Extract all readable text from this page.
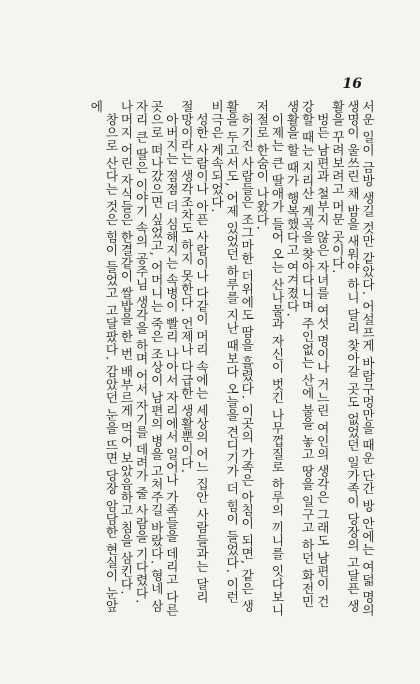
16

서운 일이 금방 생길 것만 같았다. 어설프게 바람구멍만을 때운 단간 방 안에는 여덟 명의 생명이 울쓰린 채 밤을 새워야 하니 달리 찾아갈 곳도 없었던 일가족이 당장의 고달픈 생활을 꾸려보려고 머문 곳이다.

벙든 남편과 철부지 않은 자녀를 여섯 명이나 거느린 여인의 생각은 그래도 남편이 건강할 때는 지리산 계곡을 찾아다니며 주인없는 산에 불을 놓고 땅을 일구고 하던 화전민 생활을 할 때가 행복했다고 여겨졌다.

이제는 큰 딸애가 들어 오는 산나물과 자신이 벗긴 나무껍질로 하루의 끼니를 잇다보니 저절로 한숨이 나왔다.

허기진 사람들은 조그마한 더위에도 땀을 흘렸다. 이곳의 가족은 아침이 되면, 같은 생활을 두고서도, 어제 있었던 하루를 지난 때보다 오늘을 견디기가 더 힘이 들었다. 이런 비극은 계속되었다.

성한 사람이나 아픈 사람이나 다같이 머리 속에는 세상의 어느 집안 사람들과는 달리 절망이라는 생각조차도 하지 못한다. 언제나 다급한 생활뿐이다.

아버지는 점점 더 심해지는 속병이 빨리 나아서 자리에서 일어나 가족들을 데리고 다른 곳으로 떠나갔으면 싶었고, 어머니는 죽은 조상이 남편의 병을 고쳐주길 바랐다. 형네 삼자리 큰 딸은 이야기 속의 공주님 생각을 하며 어서 자기를 데려가 줄 사람을 기다렸다. 나머지 어린 자식들은 한결같이 쌀밥을 한 번 배부르게 먹어 보았음하고 침을 삼킨다.

창으로 산다는 것은 힘이 들었고 고달팠다. 감았던 눈을 뜨면 당장 암담한 현실이 눈앞에
